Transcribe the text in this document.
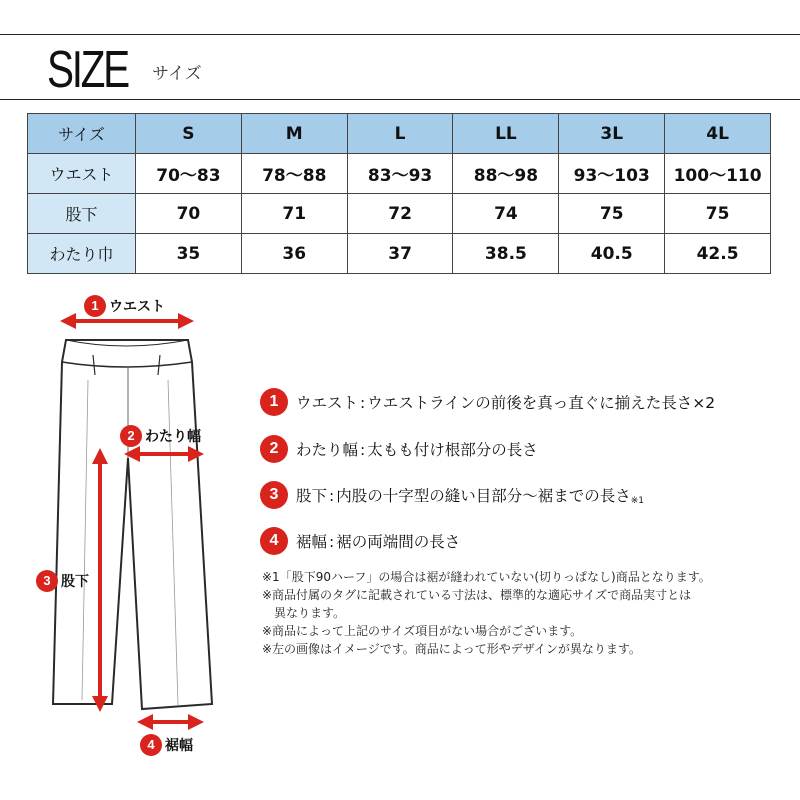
SIZE サイズ
サイズ	S	M	L	LL	3L	4L
ウエスト	70〜83	78〜88	83〜93	88〜98	93〜103	100〜110
股下	70	71	72	74	75	75
わたり巾	35	36	37	38.5	40.5	42.5
1 ウエスト
2 わたり幅
3 股下
4 裾幅
1	ウエスト : ウエストラインの前後を真っ直ぐに揃えた長さ×2
2	わたり幅 : 太もも付け根部分の長さ
3	股下 : 内股の十字型の縫い目部分〜裾までの長さ※1
4	裾幅 : 裾の両端間の長さ
※1「股下90ハーフ」の場合は裾が縫われていない(切りっぱなし)商品となります。
※商品付属のタグに記載されている寸法は、標準的な適応サイズで商品実寸とは
異なります。
※商品によって上記のサイズ項目がない場合がございます。
※左の画像はイメージです。商品によって形やデザインが異なります。
